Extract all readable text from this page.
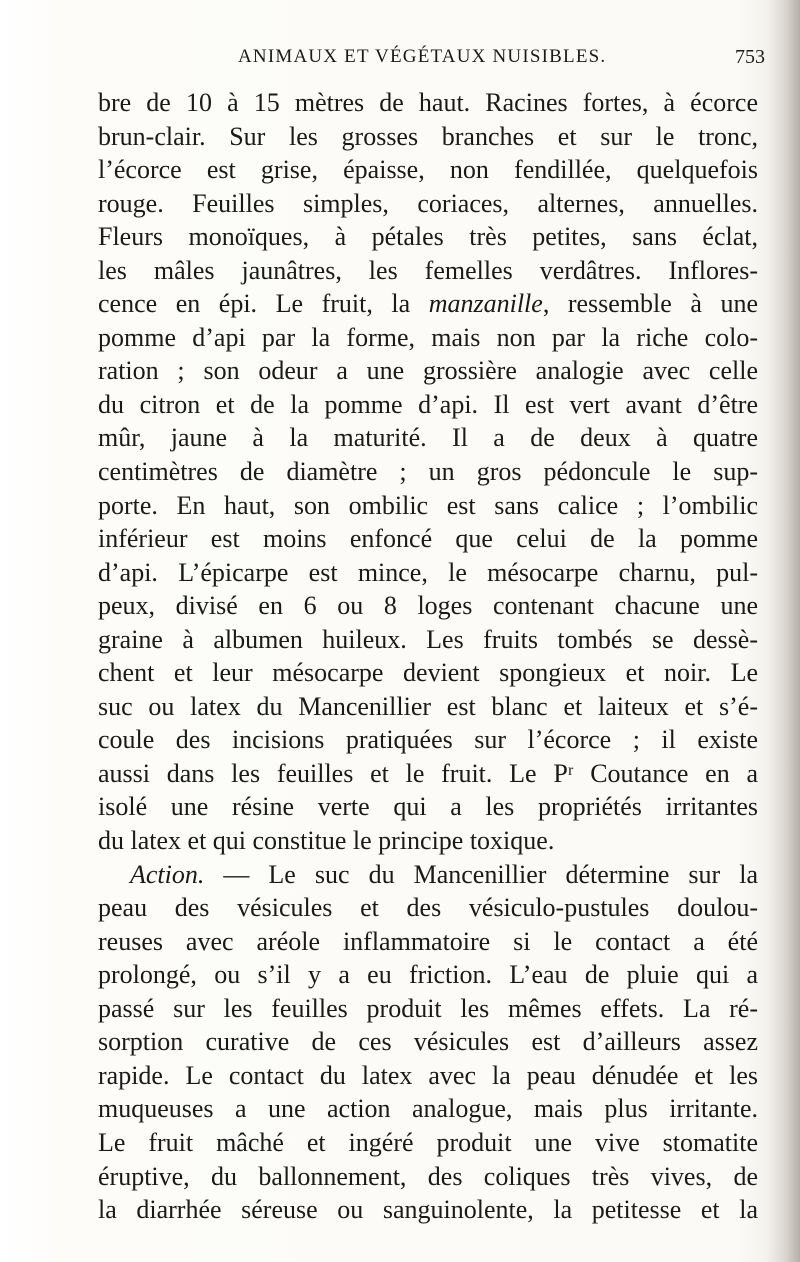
ANIMAUX ET VÉGÉTAUX NUISIBLES.	753
bre de 10 à 15 mètres de haut. Racines fortes, à écorce
brun-clair. Sur les grosses branches et sur le tronc,
l’écorce est grise, épaisse, non fendillée, quelquefois
rouge. Feuilles simples, coriaces, alternes, annuelles.
Fleurs monoïques, à pétales très petites, sans éclat,
les mâles jaunâtres, les femelles verdâtres. Inflores-
cence en épi. Le fruit, la manzanille, ressemble à une
pomme d’api par la forme, mais non par la riche colo-
ration ; son odeur a une grossière analogie avec celle
du citron et de la pomme d’api. Il est vert avant d’être
mûr, jaune à la maturité. Il a de deux à quatre
centimètres de diamètre ; un gros pédoncule le sup-
porte. En haut, son ombilic est sans calice ; l’ombilic
inférieur est moins enfoncé que celui de la pomme
d’api. L’épicarpe est mince, le mésocarpe charnu, pul-
peux, divisé en 6 ou 8 loges contenant chacune une
graine à albumen huileux. Les fruits tombés se dessè-
chent et leur mésocarpe devient spongieux et noir. Le
suc ou latex du Mancenillier est blanc et laiteux et s’é-
coule des incisions pratiquées sur l’écorce ; il existe
aussi dans les feuilles et le fruit. Le Pʳ Coutance en a
isolé une résine verte qui a les propriétés irritantes
du latex et qui constitue le principe toxique.
Action. — Le suc du Mancenillier détermine sur la
peau des vésicules et des vésiculo-pustules doulou-
reuses avec aréole inflammatoire si le contact a été
prolongé, ou s’il y a eu friction. L’eau de pluie qui a
passé sur les feuilles produit les mêmes effets. La ré-
sorption curative de ces vésicules est d’ailleurs assez
rapide. Le contact du latex avec la peau dénudée et les
muqueuses a une action analogue, mais plus irritante.
Le fruit mâché et ingéré produit une vive stomatite
éruptive, du ballonnement, des coliques très vives, de
la diarrhée séreuse ou sanguinolente, la petitesse et la
